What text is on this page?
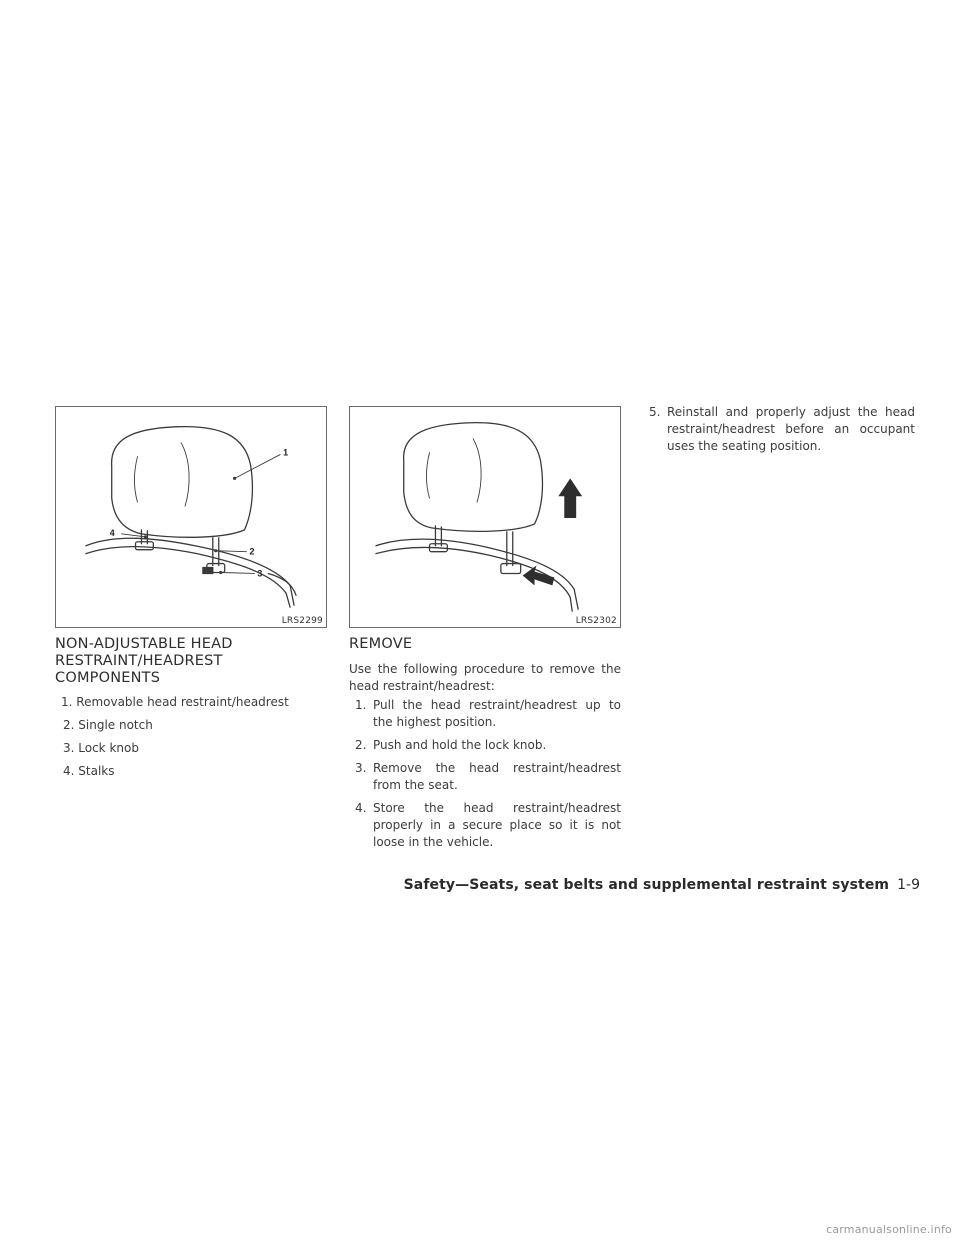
1
4
2
3
LRS2299	LRS2302
NON-ADJUSTABLE HEAD RESTRAINT/HEADREST COMPONENTS
1. Removable head restraint/headrest
2. Single notch
3. Lock knob
4. Stalks
REMOVE

Use the following procedure to remove the head restraint/headrest:

1. Pull the head restraint/headrest up to the highest position.
2. Push and hold the lock knob.
3. Remove the head restraint/headrest from the seat.
4. Store the head restraint/headrest properly in a secure place so it is not loose in the vehicle.
5. Reinstall and properly adjust the head restraint/headrest before an occupant uses the seating position.
Safety—Seats, seat belts and supplemental restraint system 1-9
carmanualsonline.info
